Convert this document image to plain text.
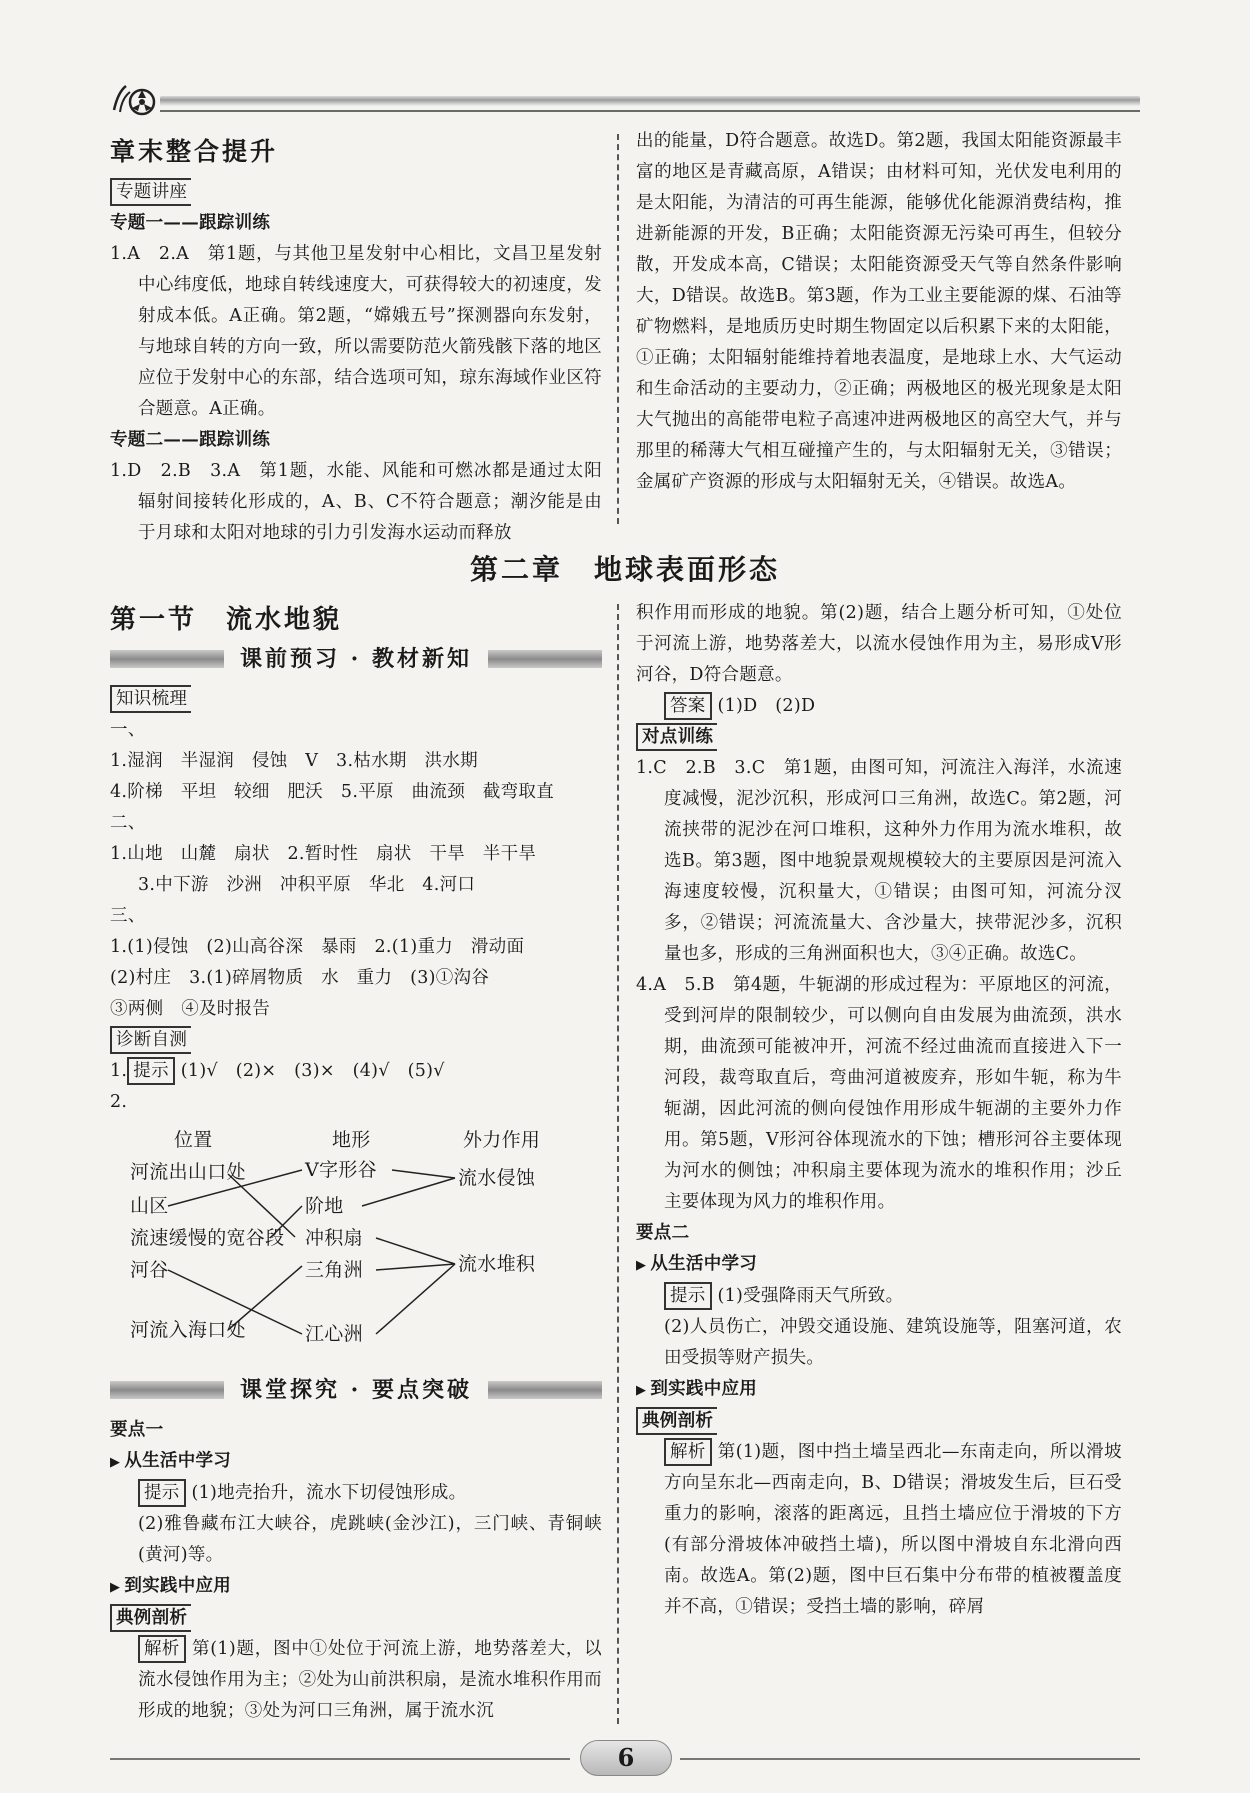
章末整合提升

专题讲座

专题一——跟踪训练

1.A　2.A　第1题，与其他卫星发射中心相比，文昌卫星发射中心纬度低，地球自转线速度大，可获得较大的初速度，发射成本低。A正确。第2题，“嫦娥五号”探测器向东发射，与地球自转的方向一致，所以需要防范火箭残骸下落的地区应位于发射中心的东部，结合选项可知，琼东海域作业区符合题意。A正确。

专题二——跟踪训练

1.D　2.B　3.A　第1题，水能、风能和可燃冰都是通过太阳辐射间接转化形成的，A、B、C不符合题意；潮汐能是由于月球和太阳对地球的引力引发海水运动而释放

出的能量，D符合题意。故选D。第2题，我国太阳能资源最丰富的地区是青藏高原，A错误；由材料可知，光伏发电利用的是太阳能，为清洁的可再生能源，能够优化能源消费结构，推进新能源的开发，B正确；太阳能资源无污染可再生，但较分散，开发成本高，C错误；太阳能资源受天气等自然条件影响大，D错误。故选B。第3题，作为工业主要能源的煤、石油等矿物燃料，是地质历史时期生物固定以后积累下来的太阳能，①正确；太阳辐射能维持着地表温度，是地球上水、大气运动和生命活动的主要动力，②正确；两极地区的极光现象是太阳大气抛出的高能带电粒子高速冲进两极地区的高空大气，并与那里的稀薄大气相互碰撞产生的，与太阳辐射无关，③错误；金属矿产资源的形成与太阳辐射无关，④错误。故选A。

第二章　地球表面形态

第一节　流水地貌

课前预习 · 教材新知

知识梳理

一、

1.湿润　半湿润　侵蚀　V　3.枯水期　洪水期

4.阶梯　平坦　较细　肥沃　5.平原　曲流颈　截弯取直

二、

1.山地　山麓　扇状　2.暂时性　扇状　干旱　半干旱

3.中下游　沙洲　冲积平原　华北　4.河口

三、

1.(1)侵蚀　(2)山高谷深　暴雨　2.(1)重力　滑动面

(2)村庄　3.(1)碎屑物质　水　重力　(3)①沟谷

③两侧　④及时报告

诊断自测

1. 提示 (1)√　(2)×　(3)×　(4)√　(5)√

2.

位置	地形	外力作用
河流出山口处
山区
流速缓慢的宽谷段
河谷
河流入海口处
V字形谷
阶地
冲积扇
三角洲
江心洲
流水侵蚀
流水堆积
课堂探究 · 要点突破

要点一

▶ 从生活中学习

提示 (1)地壳抬升，流水下切侵蚀形成。

(2)雅鲁藏布江大峡谷，虎跳峡(金沙江)，三门峡、青铜峡(黄河)等。

▶ 到实践中应用

典例剖析

解析 第(1)题，图中①处位于河流上游，地势落差大，以流水侵蚀作用为主；②处为山前洪积扇，是流水堆积作用而形成的地貌；③处为河口三角洲，属于流水沉

积作用而形成的地貌。第(2)题，结合上题分析可知，①处位于河流上游，地势落差大，以流水侵蚀作用为主，易形成V形河谷，D符合题意。

答案 (1)D　(2)D

对点训练

1.C　2.B　3.C　第1题，由图可知，河流注入海洋，水流速度减慢，泥沙沉积，形成河口三角洲，故选C。第2题，河流挟带的泥沙在河口堆积，这种外力作用为流水堆积，故选B。第3题，图中地貌景观规模较大的主要原因是河流入海速度较慢，沉积量大，①错误；由图可知，河流分汊多，②错误；河流流量大、含沙量大，挟带泥沙多，沉积量也多，形成的三角洲面积也大，③④正确。故选C。

4.A　5.B　第4题，牛轭湖的形成过程为：平原地区的河流，受到河岸的限制较少，可以侧向自由发展为曲流颈，洪水期，曲流颈可能被冲开，河流不经过曲流而直接进入下一河段，裁弯取直后，弯曲河道被废弃，形如牛轭，称为牛轭湖，因此河流的侧向侵蚀作用形成牛轭湖的主要外力作用。第5题，V形河谷体现流水的下蚀；槽形河谷主要体现为河水的侧蚀；冲积扇主要体现为流水的堆积作用；沙丘主要体现为风力的堆积作用。

要点二

▶ 从生活中学习

提示 (1)受强降雨天气所致。

(2)人员伤亡，冲毁交通设施、建筑设施等，阻塞河道，农田受损等财产损失。

▶ 到实践中应用

典例剖析

解析 第(1)题，图中挡土墙呈西北—东南走向，所以滑坡方向呈东北—西南走向，B、D错误；滑坡发生后，巨石受重力的影响，滚落的距离远，且挡土墙应位于滑坡的下方(有部分滑坡体冲破挡土墙)，所以图中滑坡自东北滑向西南。故选A。第(2)题，图中巨石集中分布带的植被覆盖度并不高，①错误；受挡土墙的影响，碎屑

6
